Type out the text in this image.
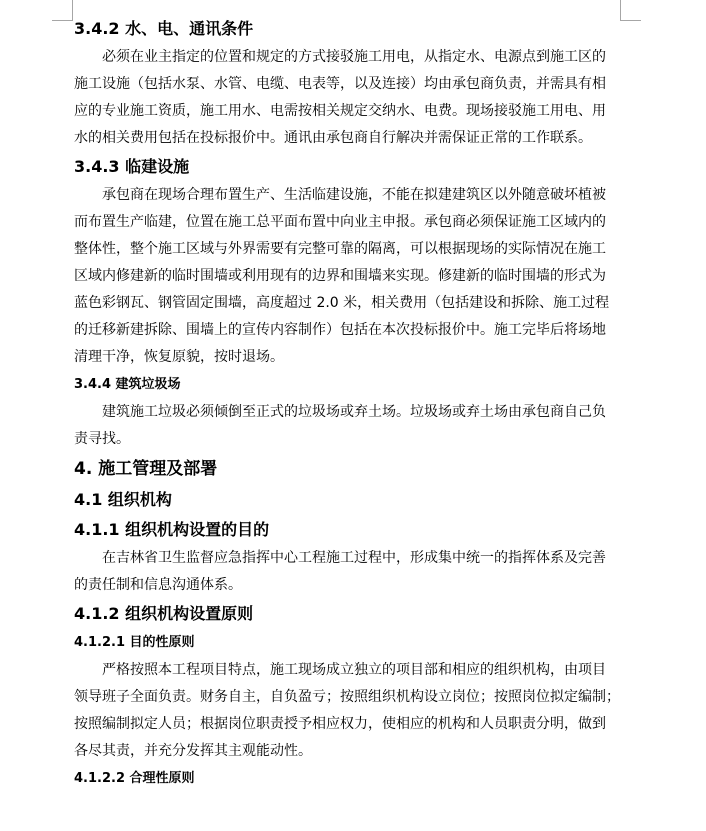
3.4.2 水、电、通讯条件
必须在业主指定的位置和规定的方式接驳施工用电，从指定水、电源点到施工区的
施工设施（包括水泵、水管、电缆、电表等，以及连接）均由承包商负责，并需具有相
应的专业施工资质，施工用水、电需按相关规定交纳水、电费。现场接驳施工用电、用
水的相关费用包括在投标报价中。通讯由承包商自行解决并需保证正常的工作联系。
3.4.3 临建设施
承包商在现场合理布置生产、生活临建设施，不能在拟建建筑区以外随意破坏植被
而布置生产临建，位置在施工总平面布置中向业主申报。承包商必须保证施工区域内的
整体性，整个施工区域与外界需要有完整可靠的隔离，可以根据现场的实际情况在施工
区域内修建新的临时围墙或利用现有的边界和围墙来实现。修建新的临时围墙的形式为
蓝色彩钢瓦、钢管固定围墙，高度超过 2.0 米，相关费用（包括建设和拆除、施工过程
的迁移新建拆除、围墙上的宣传内容制作）包括在本次投标报价中。施工完毕后将场地
清理干净，恢复原貌，按时退场。
3.4.4 建筑垃圾场
建筑施工垃圾必须倾倒至正式的垃圾场或弃土场。垃圾场或弃土场由承包商自己负
责寻找。
4. 施工管理及部署
4.1 组织机构
4.1.1 组织机构设置的目的
在吉林省卫生监督应急指挥中心工程施工过程中，形成集中统一的指挥体系及完善
的责任制和信息沟通体系。
4.1.2 组织机构设置原则
4.1.2.1 目的性原则
严格按照本工程项目特点，施工现场成立独立的项目部和相应的组织机构，由项目
领导班子全面负责。财务自主，自负盈亏；按照组织机构设立岗位；按照岗位拟定编制；
按照编制拟定人员；根据岗位职责授予相应权力，使相应的机构和人员职责分明，做到
各尽其责，并充分发挥其主观能动性。
4.1.2.2 合理性原则
